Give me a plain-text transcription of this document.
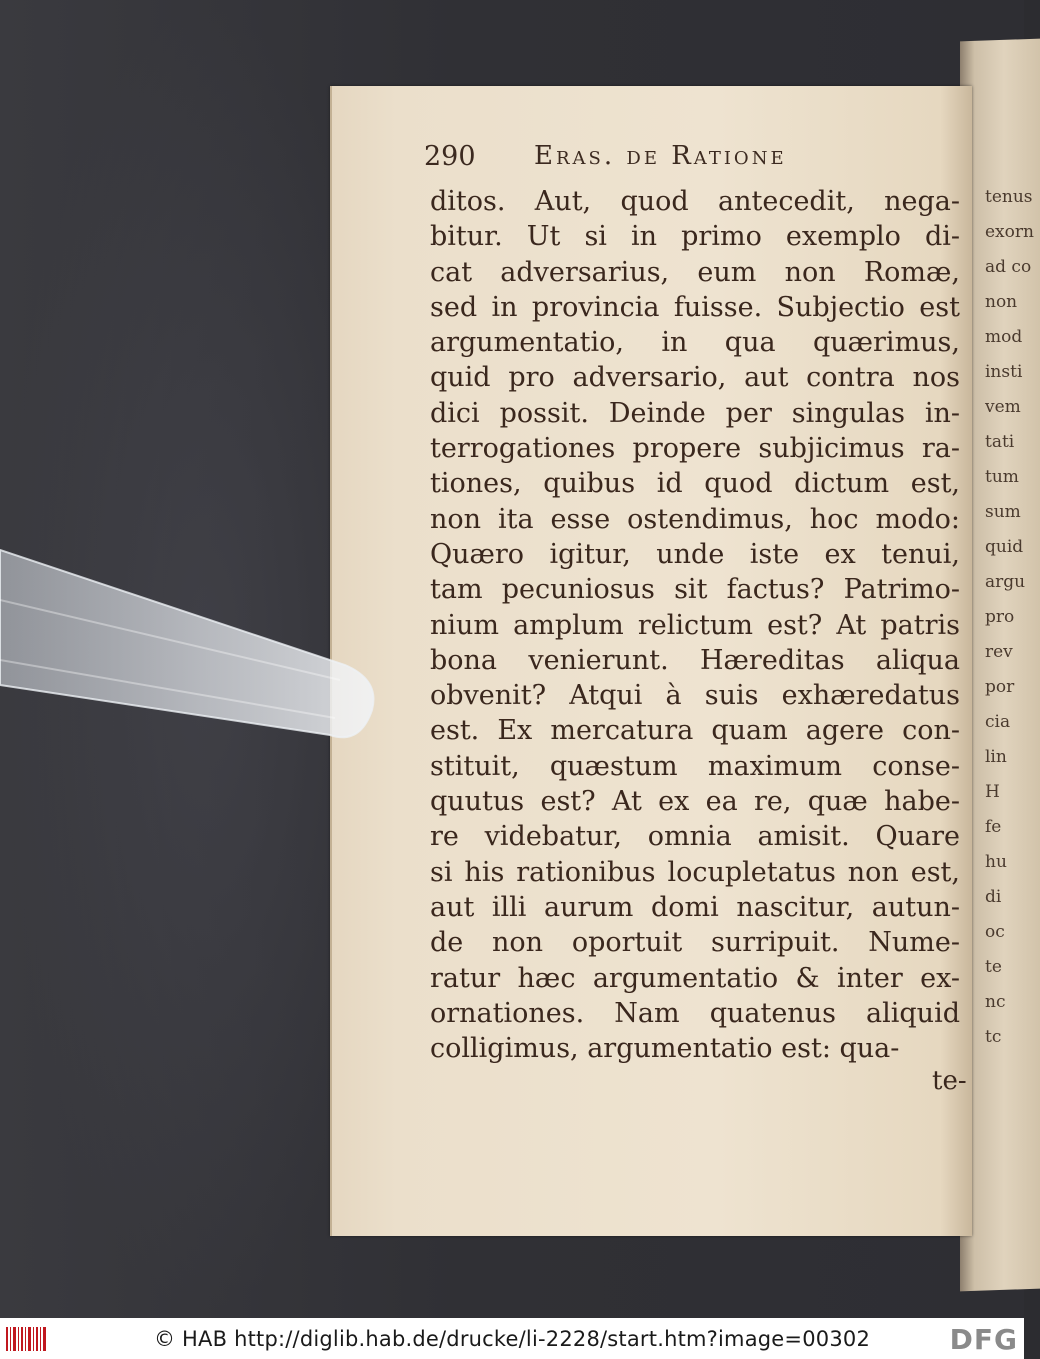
tenus
exorn
ad co
non
mod
insti
vem
tati
tum
sum
quid
argu
pro
rev
por
cia
lin
H
fe
hu
di
oc
te
nc
tc
290 Eras. de Ratione
ditos. Aut, quod antecedit, nega-
bitur. Ut si in primo exemplo di-
cat adversarius, eum non Romæ,
sed in provincia fuisse. Subjectio est
argumentatio, in qua quærimus,
quid pro adversario, aut contra nos
dici possit. Deinde per singulas in-
terrogationes propere subjicimus ra-
tiones, quibus id quod dictum est,
non ita esse ostendimus, hoc modo:
Quæro igitur, unde iste ex tenui,
tam pecuniosus sit factus? Patrimo-
nium amplum relictum est? At patris
bona venierunt. Hæreditas aliqua
obvenit? Atqui à suis exhæredatus
est. Ex mercatura quam agere con-
stituit, quæstum maximum conse-
quutus est? At ex ea re, quæ habe-
re videbatur, omnia amisit. Quare
si his rationibus locupletatus non est,
aut illi aurum domi nascitur, autun-
de non oportuit surripuit. Nume-
ratur hæc argumentatio & inter ex-
ornationes. Nam quatenus aliquid
colligimus, argumentatio est: qua-
te-
© HAB http://diglib.hab.de/drucke/li-2228/start.htm?image=00302	DFG
